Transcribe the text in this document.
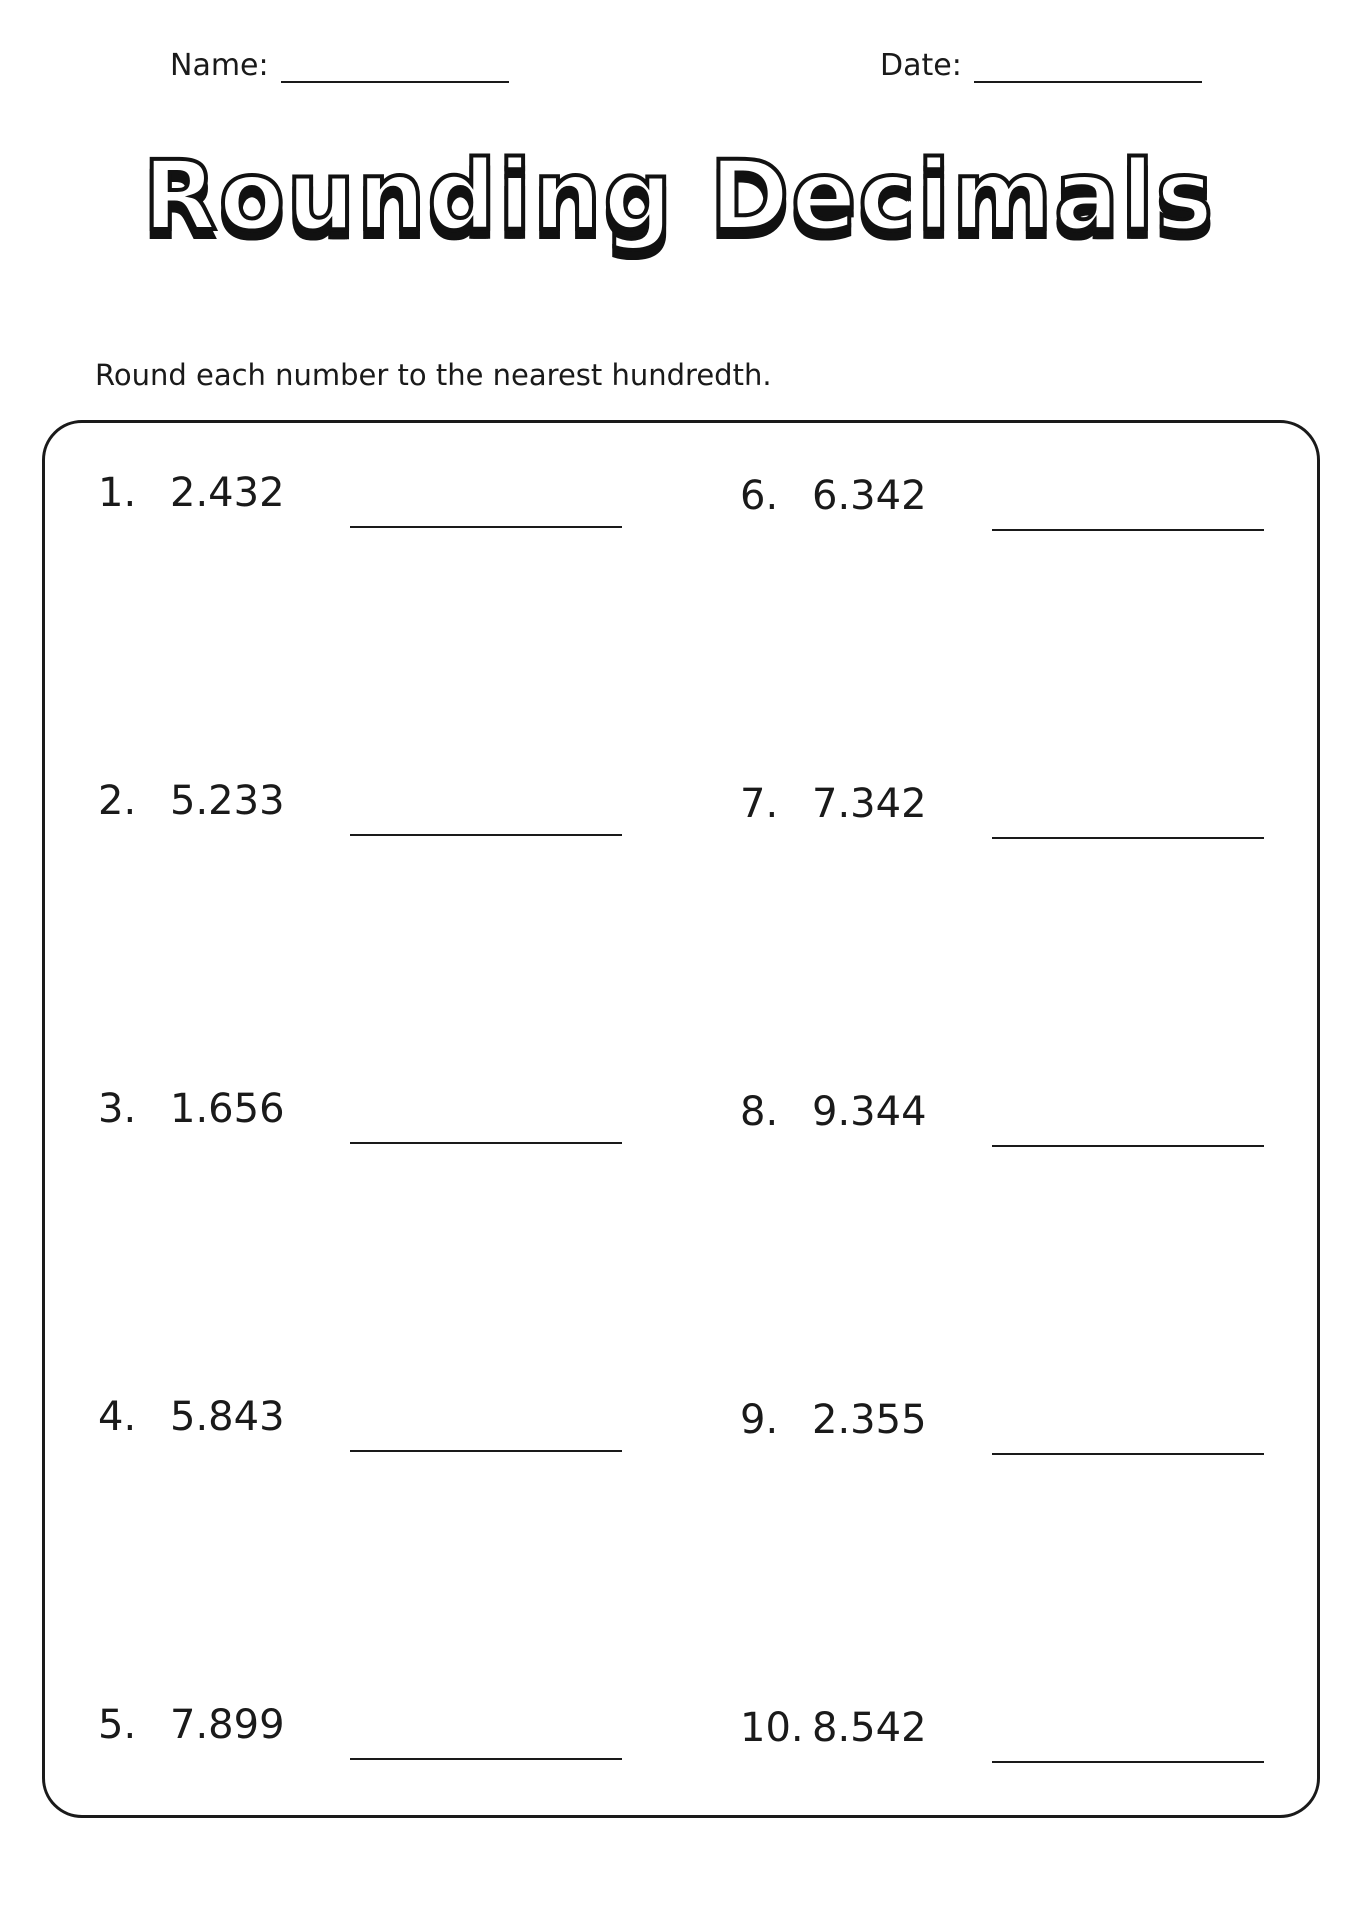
Name:	Date:
Rounding Decimals
Round each number to the nearest hundredth.
1. 2.432
2. 5.233
3. 1.656
4. 5.843
5. 7.899
6. 6.342
7. 7.342
8. 9.344
9. 2.355
10. 8.542
